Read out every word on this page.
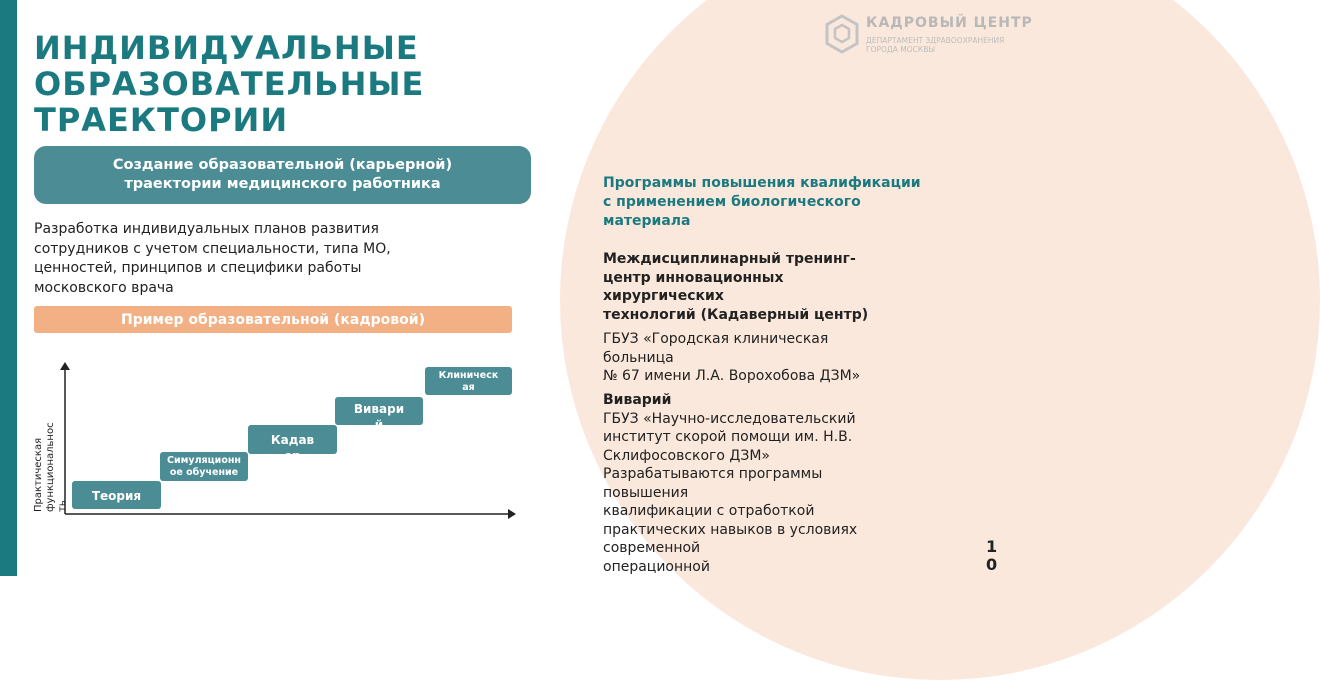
ИНДИВИДУАЛЬНЫЕ
ОБРАЗОВАТЕЛЬНЫЕ
ТРАЕКТОРИИ
Создание образовательной (карьерной)
траектории медицинского работника
Разработка индивидуальных планов развития
сотрудников с учетом специальности, типа МО,
ценностей, принципов и специфики работы
московского врача
Пример образовательной (кадровой)
Практическая функциональнос ть
Теория
Симуляционн
ое обучение
Кадав
ер
Вивари
й
Клиническ
ая
КАДРОВЫЙ ЦЕНТР
ДЕПАРТАМЕНТ ЗДРАВООХРАНЕНИЯ
ГОРОДА МОСКВЫ
Программы повышения квалификации
с применением биологического
материала
Междисциплинарный тренинг-
центр инновационных
хирургических
технологий (Кадаверный центр)
ГБУЗ «Городская клиническая
больница
№ 67 имени Л.А. Ворохобова ДЗМ»
Виварий
ГБУЗ «Научно-исследовательский
институт скорой помощи им. Н.В.
Склифосовского ДЗМ»
Разрабатываются программы
повышения
квалификации с отработкой
практических навыков в условиях
современной
операционной
1
0
